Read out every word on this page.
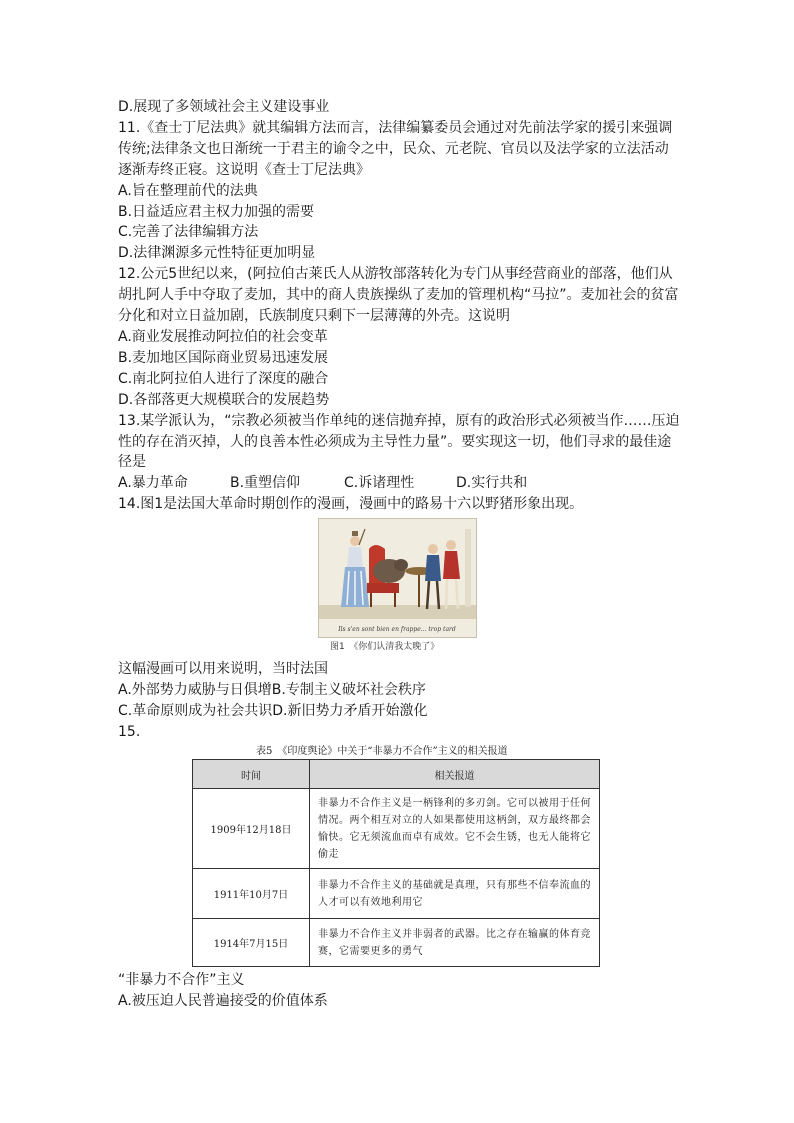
D.展现了多领域社会主义建设事业
11.《查士丁尼法典》就其编辑方法而言，法律编纂委员会通过对先前法学家的援引来强调
传统;法律条文也日渐统一于君主的谕令之中，民众、元老院、官员以及法学家的立法活动
逐渐寿终正寝。这说明《查士丁尼法典》
A.旨在整理前代的法典
B.日益适应君主权力加强的需要
C.完善了法律编辑方法
D.法律渊源多元性特征更加明显
12.公元5世纪以来，(阿拉伯古莱氏人从游牧部落转化为专门从事经营商业的部落，他们从
胡扎阿人手中夺取了麦加，其中的商人贵族操纵了麦加的管理机构“马拉”。麦加社会的贫富
分化和对立日益加剧，氏族制度只剩下一层薄薄的外壳。这说明
A.商业发展推动阿拉伯的社会变革
B.麦加地区国际商业贸易迅速发展
C.南北阿拉伯人进行了深度的融合
D.各部落更大规模联合的发展趋势
13.某学派认为，“宗教必须被当作单纯的迷信抛弃掉，原有的政治形式必须被当作……压迫
性的存在消灭掉，人的良善本性必须成为主导性力量”。要实现这一切，他们寻求的最佳途
径是
A.暴力革命	B.重塑信仰	C.诉诸理性	D.实行共和
14.图1是法国大革命时期创作的漫画，漫画中的路易十六以野猪形象出现。
Ils s'en sont bien en frappe... trop tard
图1　《你们认清我太晚了》
这幅漫画可以用来说明，当时法国
A.外部势力威胁与日俱增B.专制主义破坏社会秩序
C.革命原则成为社会共识D.新旧势力矛盾开始激化
15.
表5　《印度舆论》中关于“非暴力不合作”主义的相关报道
时间	相关报道
1909年12月18日	非暴力不合作主义是一柄锋利的多刃剑。它可以被用于任何情况。两个相互对立的人如果都使用这柄剑，双方最终都会愉快。它无须流血而卓有成效。它不会生锈，也无人能将它偷走
1911年10月7日	非暴力不合作主义的基础就是真理，只有那些不信奉流血的人才可以有效地利用它
1914年7月15日	非暴力不合作主义并非弱者的武器。比之存在输赢的体育竞赛，它需要更多的勇气
“非暴力不合作”主义
A.被压迫人民普遍接受的价值体系
